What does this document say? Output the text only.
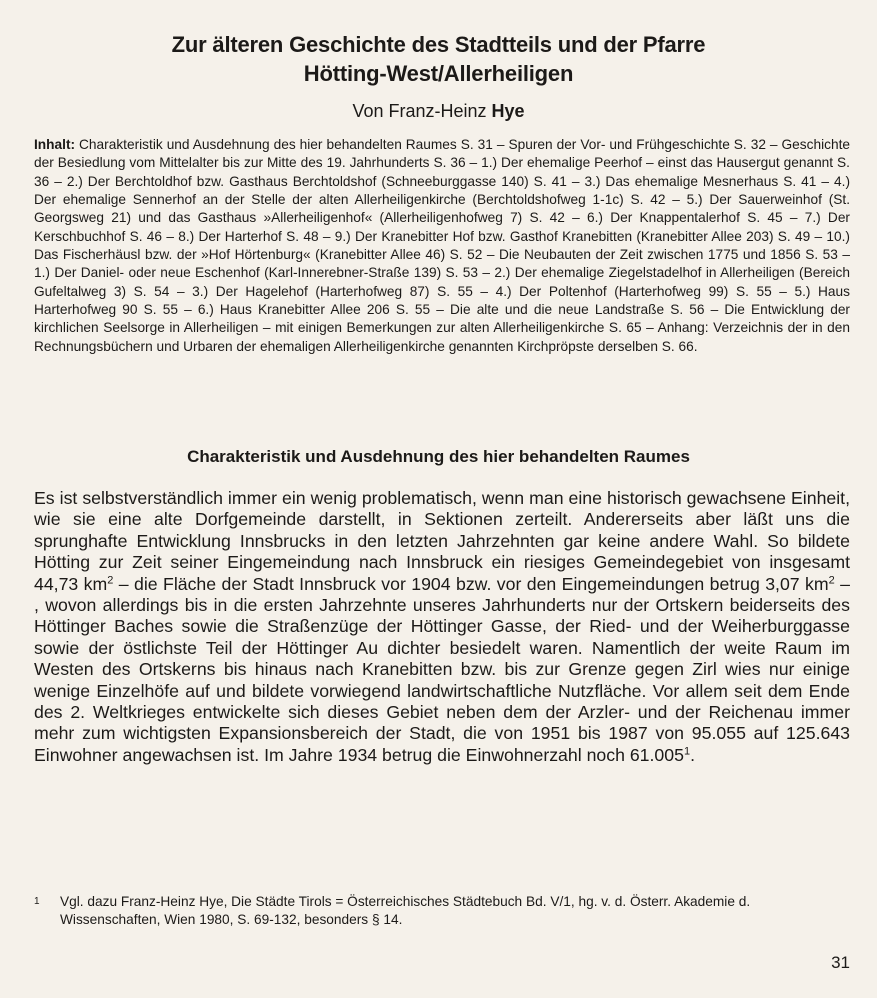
Zur älteren Geschichte des Stadtteils und der Pfarre
Hötting-West/Allerheiligen
Von Franz-Heinz Hye
Inhalt: Charakteristik und Ausdehnung des hier behandelten Raumes S. 31 – Spuren der Vor- und Frühgeschichte S. 32 – Geschichte der Besiedlung vom Mittelalter bis zur Mitte des 19. Jahrhunderts S. 36 – 1.) Der ehemalige Peerhof – einst das Hausergut genannt S. 36 – 2.) Der Berchtoldhof bzw. Gasthaus Berchtoldshof (Schneeburggasse 140) S. 41 – 3.) Das ehemalige Mesnerhaus S. 41 – 4.) Der ehemalige Sennerhof an der Stelle der alten Allerheiligenkirche (Berchtoldshofweg 1-1c) S. 42 – 5.) Der Sauerweinhof (St. Georgsweg 21) und das Gasthaus »Allerheiligenhof« (Allerheiligenhofweg 7) S. 42 – 6.) Der Knappentalerhof S. 45 – 7.) Der Kerschbuchhof S. 46 – 8.) Der Harterhof S. 48 – 9.) Der Kranebitter Hof bzw. Gasthof Kranebitten (Kranebitter Allee 203) S. 49 – 10.) Das Fischerhäusl bzw. der »Hof Hörtenburg« (Kranebitter Allee 46) S. 52 – Die Neubauten der Zeit zwischen 1775 und 1856 S. 53 – 1.) Der Daniel- oder neue Eschenhof (Karl-Innerebner-Straße 139) S. 53 – 2.) Der ehemalige Ziegelstadelhof in Allerheiligen (Bereich Gufeltalweg 3) S. 54 – 3.) Der Hagelehof (Harterhofweg 87) S. 55 – 4.) Der Poltenhof (Harterhofweg 99) S. 55 – 5.) Haus Harterhofweg 90 S. 55 – 6.) Haus Kranebitter Allee 206 S. 55 – Die alte und die neue Landstraße S. 56 – Die Entwicklung der kirchlichen Seelsorge in Allerheiligen – mit einigen Bemerkungen zur alten Allerheiligenkirche S. 65 – Anhang: Verzeichnis der in den Rechnungsbüchern und Urbaren der ehemaligen Allerheiligenkirche genannten Kirchpröpste derselben S. 66.
Charakteristik und Ausdehnung des hier behandelten Raumes
Es ist selbstverständlich immer ein wenig problematisch, wenn man eine historisch gewachsene Einheit, wie sie eine alte Dorfgemeinde darstellt, in Sektionen zerteilt. Andererseits aber läßt uns die sprunghafte Entwicklung Innsbrucks in den letzten Jahrzehnten gar keine andere Wahl. So bildete Hötting zur Zeit seiner Eingemeindung nach Innsbruck ein riesiges Gemeindegebiet von insgesamt 44,73 $km^2$ – die Fläche der Stadt Innsbruck vor 1904 bzw. vor den Eingemeindungen betrug 3,07 $km^2$ – , wovon allerdings bis in die ersten Jahrzehnte unseres Jahrhunderts nur der Ortskern beiderseits des Höttinger Baches sowie die Straßenzüge der Höttinger Gasse, der Ried- und der Weiherburggasse sowie der östlichste Teil der Höttinger Au dichter besiedelt waren. Namentlich der weite Raum im Westen des Ortskerns bis hinaus nach Kranebitten bzw. bis zur Grenze gegen Zirl wies nur einige wenige Einzelhöfe auf und bildete vorwiegend landwirtschaftliche Nutzfläche. Vor allem seit dem Ende des 2. Weltkrieges entwickelte sich dieses Gebiet neben dem der Arzler- und der Reichenau immer mehr zum wichtigsten Expansionsbereich der Stadt, die von 1951 bis 1987 von 95.055 auf 125.643 Einwohner angewachsen ist. Im Jahre 1934 betrug die Einwohnerzahl noch 61.005$^1$.
1 Vgl. dazu Franz-Heinz Hye, Die Städte Tirols = Österreichisches Städtebuch Bd. V/1, hg. v. d. Österr. Akademie d. Wissenschaften, Wien 1980, S. 69-132, besonders § 14.
31
